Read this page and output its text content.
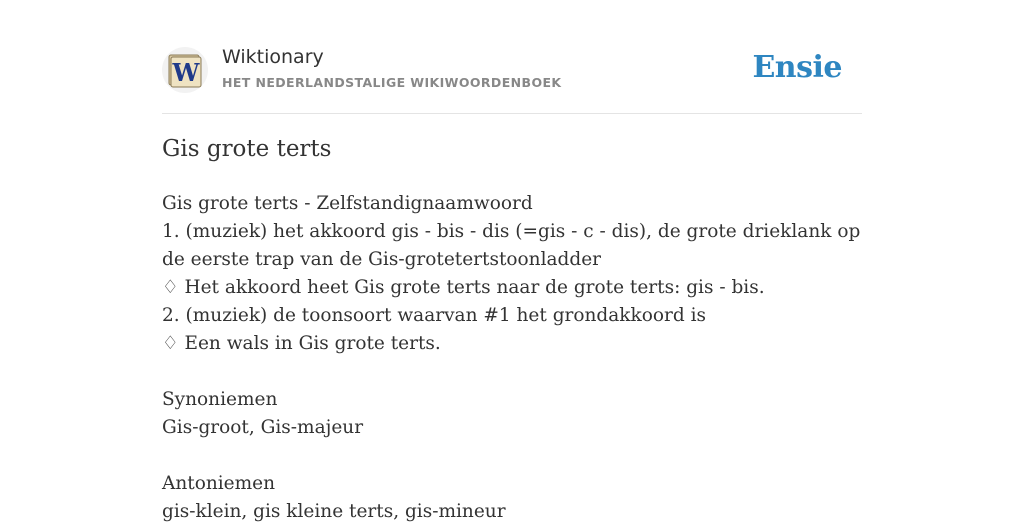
W
Wiktionary
HET NEDERLANDSTALIGE WIKIWOORDENBOEK	Ensie
Gis grote terts
Gis grote terts - Zelfstandignaamwoord
1. (muziek) het akkoord gis - bis - dis (=gis - c - dis), de grote drieklank op de eerste trap van de Gis-grotetertstoonladder
♢ Het akkoord heet Gis grote terts naar de grote terts: gis - bis.
2. (muziek) de toonsoort waarvan #1 het grondakkoord is
♢ Een wals in Gis grote terts.
Synoniemen
Gis-groot, Gis-majeur
Antoniemen
gis-klein, gis kleine terts, gis-mineur
